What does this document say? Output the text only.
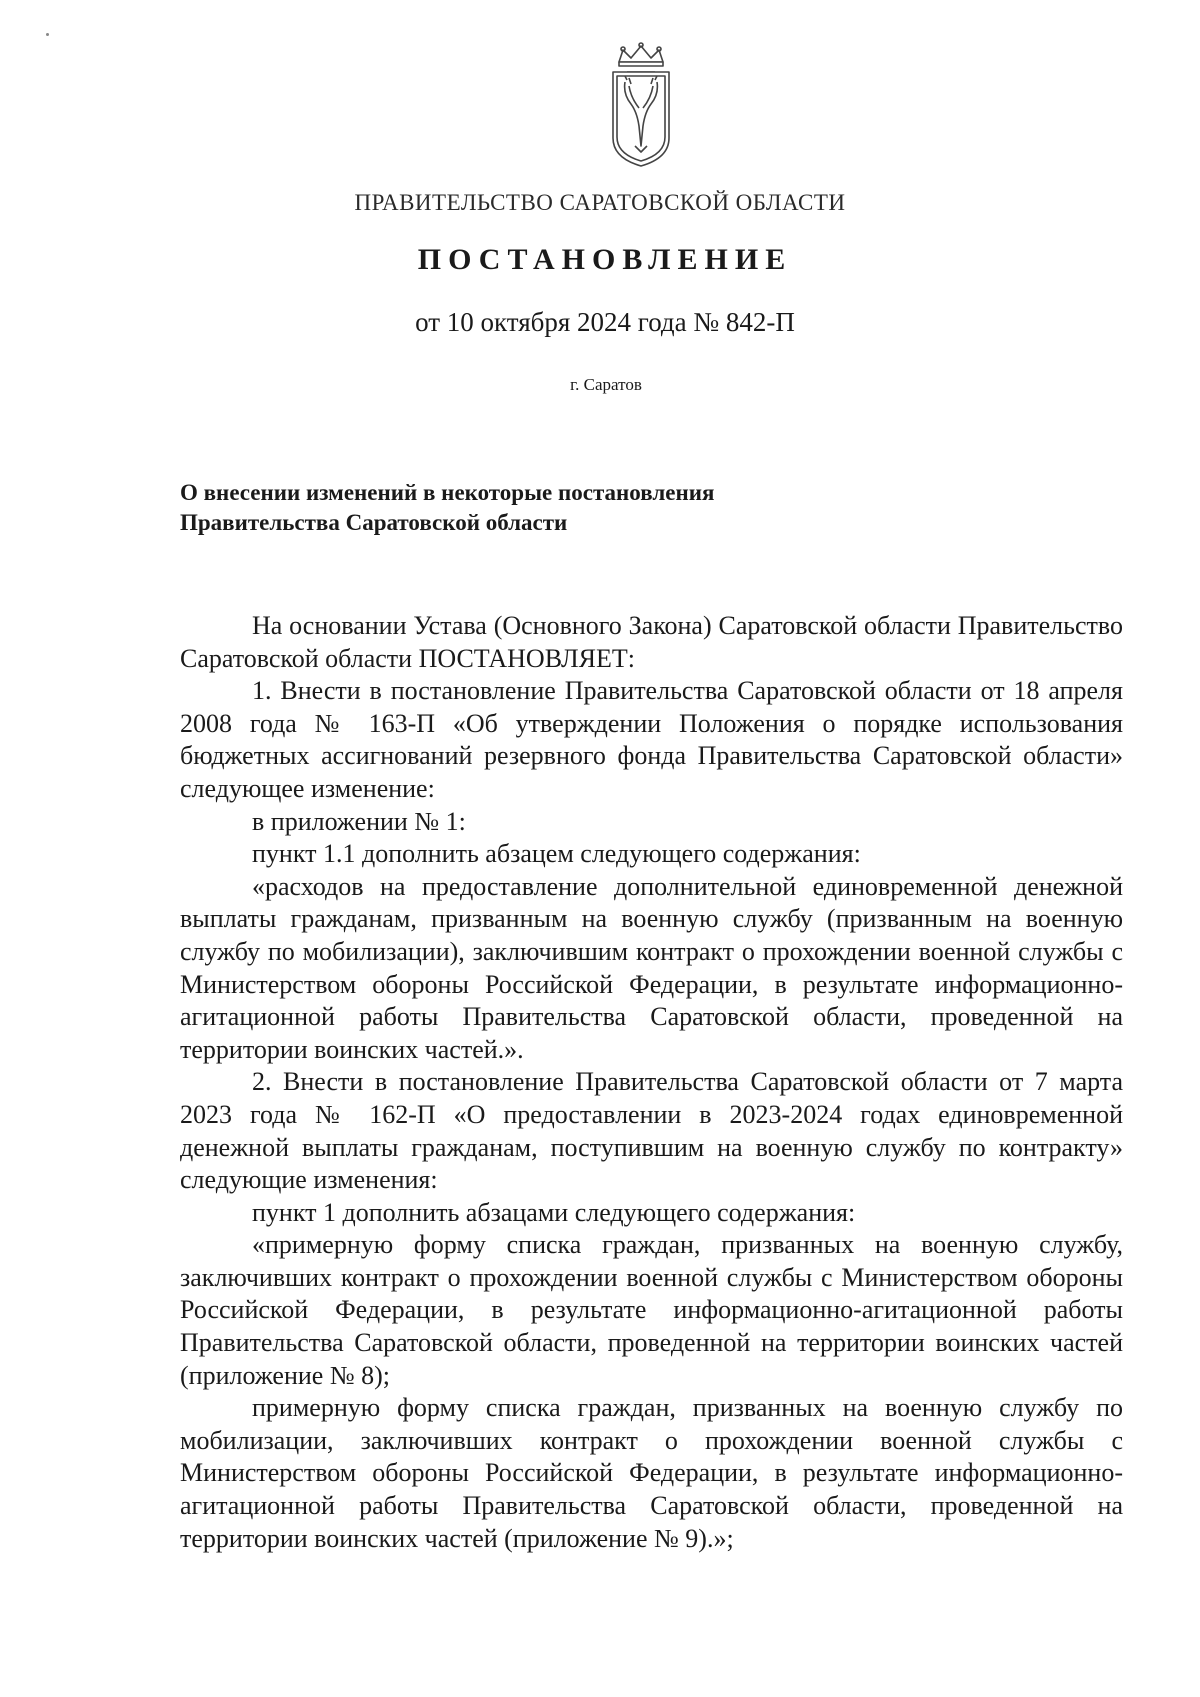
ПРАВИТЕЛЬСТВО САРАТОВСКОЙ ОБЛАСТИ
ПОСТАНОВЛЕНИЕ
от 10 октября 2024 года № 842-П
г. Саратов
О внесении изменений в некоторые постановления
Правительства Саратовской области

На основании Устава (Основного Закона) Саратовской области Правительство Саратовской области ПОСТАНОВЛЯЕТ:

1. Внести в постановление Правительства Саратовской области от 18 апреля 2008 года № 163-П «Об утверждении Положения о порядке использования бюджетных ассигнований резервного фонда Правительства Саратовской области» следующее изменение:

в приложении № 1:

пункт 1.1 дополнить абзацем следующего содержания:

«расходов на предоставление дополнительной единовременной денежной выплаты гражданам, призванным на военную службу (призванным на военную службу по мобилизации), заключившим контракт о прохождении военной службы с Министерством обороны Российской Федерации, в результате информационно-агитационной работы Правительства Саратовской области, проведенной на территории воинских частей.».

2. Внести в постановление Правительства Саратовской области от 7 марта 2023 года № 162-П «О предоставлении в 2023-2024 годах единовременной денежной выплаты гражданам, поступившим на военную службу по контракту» следующие изменения:

пункт 1 дополнить абзацами следующего содержания:

«примерную форму списка граждан, призванных на военную службу, заключивших контракт о прохождении военной службы с Министерством обороны Российской Федерации, в результате информационно-агитационной работы Правительства Саратовской области, проведенной на территории воинских частей (приложение № 8);

примерную форму списка граждан, призванных на военную службу по мобилизации, заключивших контракт о прохождении военной службы с Министерством обороны Российской Федерации, в результате информационно-агитационной работы Правительства Саратовской области, проведенной на территории воинских частей (приложение № 9).»;
